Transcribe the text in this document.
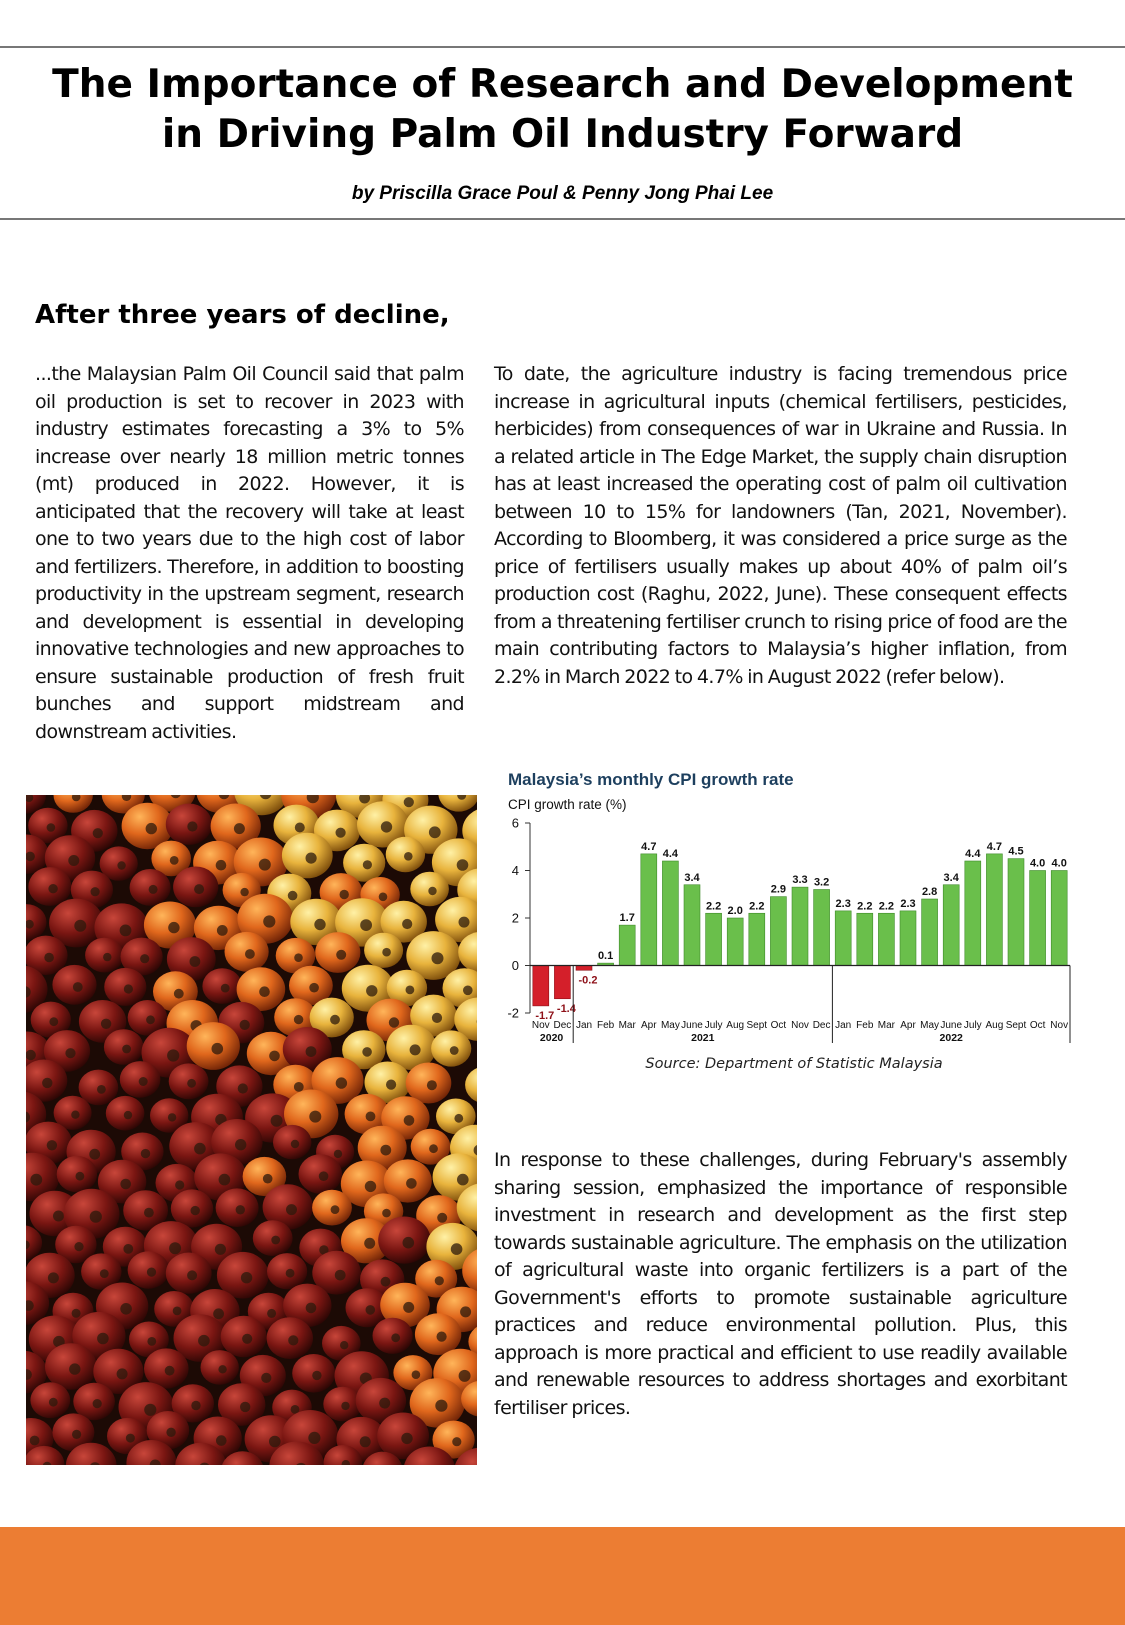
The Importance of Research and Development in Driving Palm Oil Industry Forward
by Priscilla Grace Poul & Penny Jong Phai Lee
After three years of decline,

...the Malaysian Palm Oil Council said that palm oil production is set to recover in 2023 with industry estimates forecasting a 3% to 5% increase over nearly 18 million metric tonnes (mt) produced in 2022. However, it is anticipated that the recovery will take at least one to two years due to the high cost of labor and fertilizers. Therefore, in addition to boosting productivity in the upstream segment, research and development is essential in developing innovative technologies and new approaches to ensure sustainable production of fresh fruit bunches and support midstream and downstream activities.

To date, the agriculture industry is facing tremendous price increase in agricultural inputs (chemical fertilisers, pesticides, herbicides) from consequences of war in Ukraine and Russia. In a related article in The Edge Market, the supply chain disruption has at least increased the operating cost of palm oil cultivation between 10 to 15% for landowners (Tan, 2021, November). According to Bloomberg, it was considered a price surge as the price of fertilisers usually makes up about 40% of palm oil’s production cost (Raghu, 2022, June). These consequent effects from a threatening fertiliser crunch to rising price of food are the main contributing factors to Malaysia’s higher inflation, from 2.2% in March 2022 to 4.7% in August 2022 (refer below).

-2
0
2
4
6
-1.7
-1.4
-0.2
0.1
1.7
4.7
4.4
3.4
2.2 2.0 2.2
2.9
3.3 3.2
2.3 2.2 2.2 2.3
2.8
3.4
4.4
4.7 4.5
4.0 4.0
Nov Dec Jan Feb Mar Apr May June July Aug Sept Oct Nov Dec Jan Feb Mar Apr May June July Aug Sept Oct Nov
2020	2021	2022
Malaysia’s monthly CPI growth rate
CPI growth rate (%)
Source: Department of Statistic Malaysia

In response to these challenges, during February's assembly sharing session, emphasized the importance of responsible investment in research and development as the first step towards sustainable agriculture. The emphasis on the utilization of agricultural waste into organic fertilizers is a part of the Government's efforts to promote sustainable agriculture practices and reduce environmental pollution. Plus, this approach is more practical and efficient to use readily available and renewable resources to address shortages and exorbitant fertiliser prices.
